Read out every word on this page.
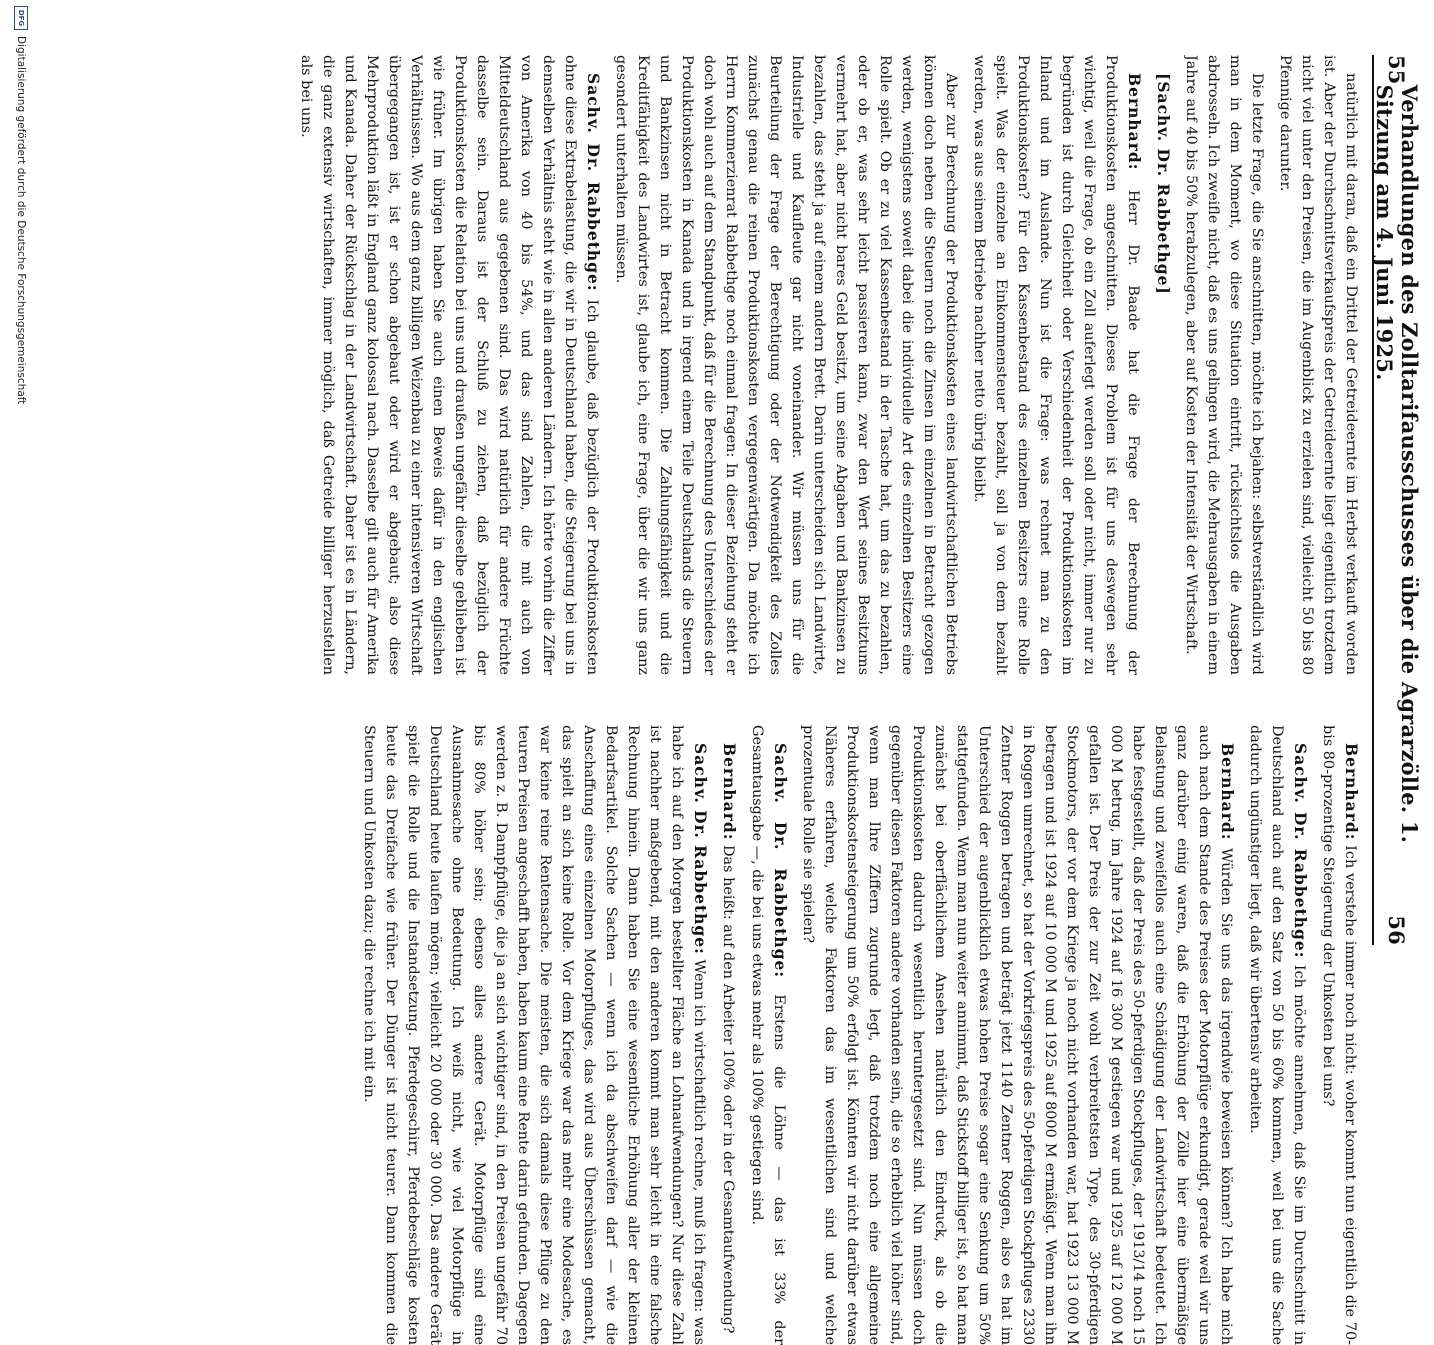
55
Verhandlungen des Zolltarifausschusses über die Agrarzölle. 1. Sitzung am 4. Juni 1925.
56

natürlich mit daran, daß ein Drittel der Getreideernte im Herbst verkauft worden ist. Aber der Durchschnittsverkaufspreis der Getreideernte liegt eigentlich trotzdem nicht viel unter den Preisen, die im Augenblick zu erzielen sind, vielleicht 50 bis 80 Pfennige darunter.

Die letzte Frage, die Sie anschnitten, möchte ich bejahen: selbstverständlich wird man in dem Moment, wo diese Situation eintritt, rücksichtslos die Ausgaben abdrosseln. Ich zweifle nicht, daß es uns gelingen wird, die Mehrausgaben in einem Jahre auf 40 bis 50% herabzulegen, aber auf Kosten der Intensität der Wirtschaft.

[Sachv. Dr. Rabbethge]

Bernhard: Herr Dr. Baade hat die Frage der Berechnung der Produktionskosten angeschnitten. Dieses Problem ist für uns deswegen sehr wichtig, weil die Frage, ob ein Zoll auferlegt werden soll oder nicht, immer nur zu begründen ist durch Gleichheit oder Verschiedenheit der Produktionskosten im Inland und im Auslande. Nun ist die Frage: was rechnet man zu den Produktionskosten? Für den Kassenbestand des einzelnen Besitzers eine Rolle spielt. Was der einzelne an Einkommensteuer bezahlt, soll ja von dem bezahlt werden, was aus seinem Betriebe nachher netto übrig bleibt.

Aber zur Berechnung der Produktionskosten eines landwirtschaftlichen Betriebs können doch neben die Steuern noch die Zinsen im einzelnen in Betracht gezogen werden, wenigstens soweit dabei die individuelle Art des einzelnen Besitzers eine Rolle spielt. Ob er zu viel Kassenbestand in der Tasche hat, um das zu bezahlen, oder ob er, was sehr leicht passieren kann, zwar den Wert seines Besitztums vermehrt hat, aber nicht bares Geld besitzt, um seine Abgaben und Bankzinsen zu bezahlen, das steht ja auf einem andern Brett. Darin unterscheiden sich Landwirte, Industrielle und Kaufleute gar nicht voneinander. Wir müssen uns für die Beurteilung der Frage der Berechtigung oder der Notwendigkeit des Zolles zunächst genau die reinen Produktionskosten vergegenwärtigen. Da möchte ich Herrn Kommerzienrat Rabbethge noch einmal fragen: In dieser Beziehung steht er doch wohl auch auf dem Standpunkt, daß für die Berechnung des Unterschiedes der Produktionskosten in Kanada und in irgend einem Teile Deutschlands die Steuern und Bankzinsen nicht in Betracht kommen. Die Zahlungsfähigkeit und die Kreditfähigkeit des Landwirtes ist, glaube ich, eine Frage, über die wir uns ganz gesondert unterhalten müssen.

Sachv. Dr. Rabbethge: Ich glaube, daß bezüglich der Produktionskosten ohne diese Extrabelastung, die wir in Deutschland haben, die Steigerung bei uns in demselben Verhältnis steht wie in allen anderen Ländern. Ich hörte vorhin die Ziffer von Amerika von 40 bis 54%, und das sind Zahlen, die mit auch von Mitteldeutschland aus gegebenen sind. Das wird natürlich für andere Früchte dasselbe sein. Daraus ist der Schluß zu ziehen, daß bezüglich der Produktionskosten die Relation bei uns und draußen ungefähr dieselbe geblieben ist wie früher. Im übrigen haben Sie auch einen Beweis dafür in den englischen Verhältnissen. Wo aus dem ganz billigen Weizenbau zu einer intensiveren Wirtschaft übergegangen ist, ist er schon abgebaut oder wird er abgebaut; also diese Mehrproduktion läßt in England ganz kolossal nach. Dasselbe gilt auch für Amerika und Kanada. Daher der Rückschlag in der Landwirtschaft. Daher ist es in Ländern, die ganz extensiv wirtschaften, immer möglich, daß Getreide billiger herzustellen als bei uns.

Bernhard: Ich verstehe immer noch nicht: woher kommt nun eigentlich die 70- bis 80-prozentige Steigerung der Unkosten bei uns?

Sachv. Dr. Rabbethge: Ich möchte annehmen, daß Sie im Durchschnitt in Deutschland auch auf den Satz von 50 bis 60% kommen, weil bei uns die Sache dadurch ungünstiger liegt, daß wir übertensiv arbeiten.

Bernhard: Würden Sie uns das irgendwie beweisen können? Ich habe mich auch nach dem Stande des Preises der Motorpflüge erkundigt, gerade weil wir uns ganz darüber einig waren, daß die Erhöhung der Zölle hier eine übermäßige Belastung und zweifellos auch eine Schädigung der Landwirtschaft bedeutet. Ich habe festgestellt, daß der Preis des 50-pferdigen Stockpfluges, der 1913/14 noch 15 000 M betrug, im Jahre 1924 auf 16 300 M gestiegen war und 1925 auf 12 000 M gefallen ist. Der Preis der zur Zeit wohl verbreitetsten Type, des 30-pferdigen Stockmotors, der vor dem Kriege ja noch nicht vorhanden war, hat 1923 13 000 M betragen und ist 1924 auf 10 000 M und 1925 auf 8000 M ermäßigt. Wenn man ihn in Roggen umrechnet, so hat der Vorkriegspreis des 50-pferdigen Stockpfluges 2330 Zentner Roggen betragen und beträgt jetzt 1140 Zentner Roggen, also es hat im Unterschied der augenblicklich etwas hohen Preise sogar eine Senkung um 50% stattgefunden. Wenn man nun weiter annimmt, daß Stickstoff billiger ist, so hat man zunächst bei oberflächlichem Ansehen natürlich den Eindruck, als ob die Produktionskosten dadurch wesentlich heruntergesetzt sind. Nun müssen doch gegenüber diesen Faktoren andere vorhanden sein, die so erheblich viel höher sind, wenn man Ihre Ziffern zugrunde legt, daß trotzdem noch eine allgemeine Produktionskostensteigerung um 50% erfolgt ist. Könnten wir nicht darüber etwas Näheres erfahren, welche Faktoren das im wesentlichen sind und welche prozentuale Rolle sie spielen?

Sachv. Dr. Rabbethge: Erstens die Löhne — das ist 33% der Gesamtausgabe —, die bei uns etwas mehr als 100% gestiegen sind.

Bernhard: Das heißt: auf den Arbeiter 100% oder in der Gesamtaufwendung?

Sachv. Dr. Rabbethge: Wenn ich wirtschaftlich rechne, muß ich fragen: was habe ich auf den Morgen bestellter Fläche an Lohnaufwendungen? Nur diese Zahl ist nachher maßgebend, mit den anderen kommt man sehr leicht in eine falsche Rechnung hinein. Dann haben Sie eine wesentliche Erhöhung aller der kleinen Bedarfsartikel. Solche Sachen — wenn ich da abschweifen darf — wie die Anschaffung eines einzelnen Motorpfluges, das wird aus Überschüssen gemacht, das spielt an sich keine Rolle. Vor dem Kriege war das mehr eine Modesache, es war keine reine Rentensache. Die meisten, die sich damals diese Pflüge zu den teuren Preisen angeschafft haben, haben kaum eine Rente darin gefunden. Dagegen werden z. B. Dampfpflüge, die ja an sich wichtiger sind, in den Preisen ungefähr 70 bis 80% höher sein; ebenso alles andere Gerät. Motorpflüge sind eine Ausnahmesache ohne Bedeutung. Ich weiß nicht, wie viel Motorpflüge in Deutschland heute laufen mögen; vielleicht 20 000 oder 30 000. Das andere Gerät spielt die Rolle und die Instandsetzung. Pferdegeschirr, Pferdebeschläge kosten heute das Dreifache wie früher. Der Dünger ist nicht teurer. Dann kommen die Steuern und Unkosten dazu; die rechne ich mit ein.

DFG
Digitalisierung gefördert durch die Deutsche Forschungsgemeinschaft
